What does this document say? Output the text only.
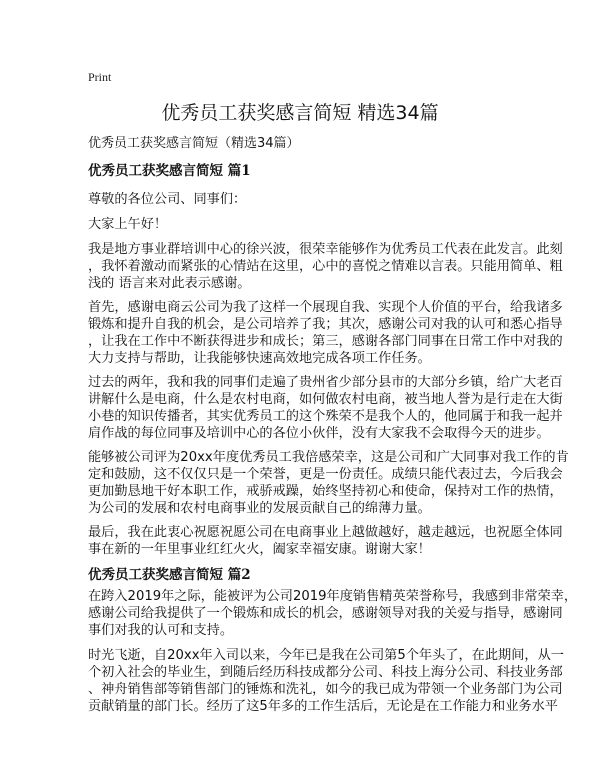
Print
优秀员工获奖感言简短 精选34篇
优秀员工获奖感言简短（精选34篇）
优秀员工获奖感言简短 篇1
尊敬的各位公司、同事们：
大家上午好！
我是地方事业群培训中心的徐兴波，很荣幸能够作为优秀员工代表在此发言。此刻
，我怀着激动而紧张的心情站在这里，心中的喜悦之情难以言表。只能用简单、粗
浅的 语言来对此表示感谢。
首先，感谢电商云公司为我了这样一个展现自我、实现个人价值的平台，给我诸多
锻炼和提升自我的机会，是公司培养了我；其次，感谢公司对我的认可和悉心指导
，让我在工作中不断获得进步和成长；第三，感谢各部门同事在日常工作中对我的
大力支持与帮助，让我能够快速高效地完成各项工作任务。
过去的两年，我和我的同事们走遍了贵州省少部分县市的大部分乡镇，给广大老百
讲解什么是电商，什么是农村电商，如何做农村电商，被当地人誉为是行走在大街
小巷的知识传播者，其实优秀员工的这个殊荣不是我个人的，他同属于和我一起并
肩作战的每位同事及培训中心的各位小伙伴，没有大家我不会取得今天的进步。
能够被公司评为20xx年度优秀员工我倍感荣幸，这是公司和广大同事对我工作的肯
定和鼓励，这不仅仅只是一个荣誉，更是一份责任。成绩只能代表过去，今后我会
更加勤恳地干好本职工作，戒骄戒躁，始终坚持初心和使命，保持对工作的热情，
为公司的发展和农村电商事业的发展贡献自己的绵薄力量。
最后，我在此衷心祝愿祝愿公司在电商事业上越做越好，越走越远，也祝愿全体同
事在新的一年里事业红红火火，阖家幸福安康。谢谢大家！
优秀员工获奖感言简短 篇2
在跨入2019年之际，能被评为公司2019年度销售精英荣誉称号，我感到非常荣幸，
感谢公司给我提供了一个锻炼和成长的机会，感谢领导对我的关爱与指导，感谢同
事们对我的认可和支持。
时光飞逝，自20xx年入司以来，今年已是我在公司第5个年头了，在此期间，从一
个初入社会的毕业生，到随后经历科技成都分公司、科技上海分公司、科技业务部
、神舟销售部等销售部门的锤炼和洗礼，如今的我已成为带领一个业务部门为公司
贡献销量的部门长。经历了这5年多的工作生活后，无论是在工作能力和业务水平
